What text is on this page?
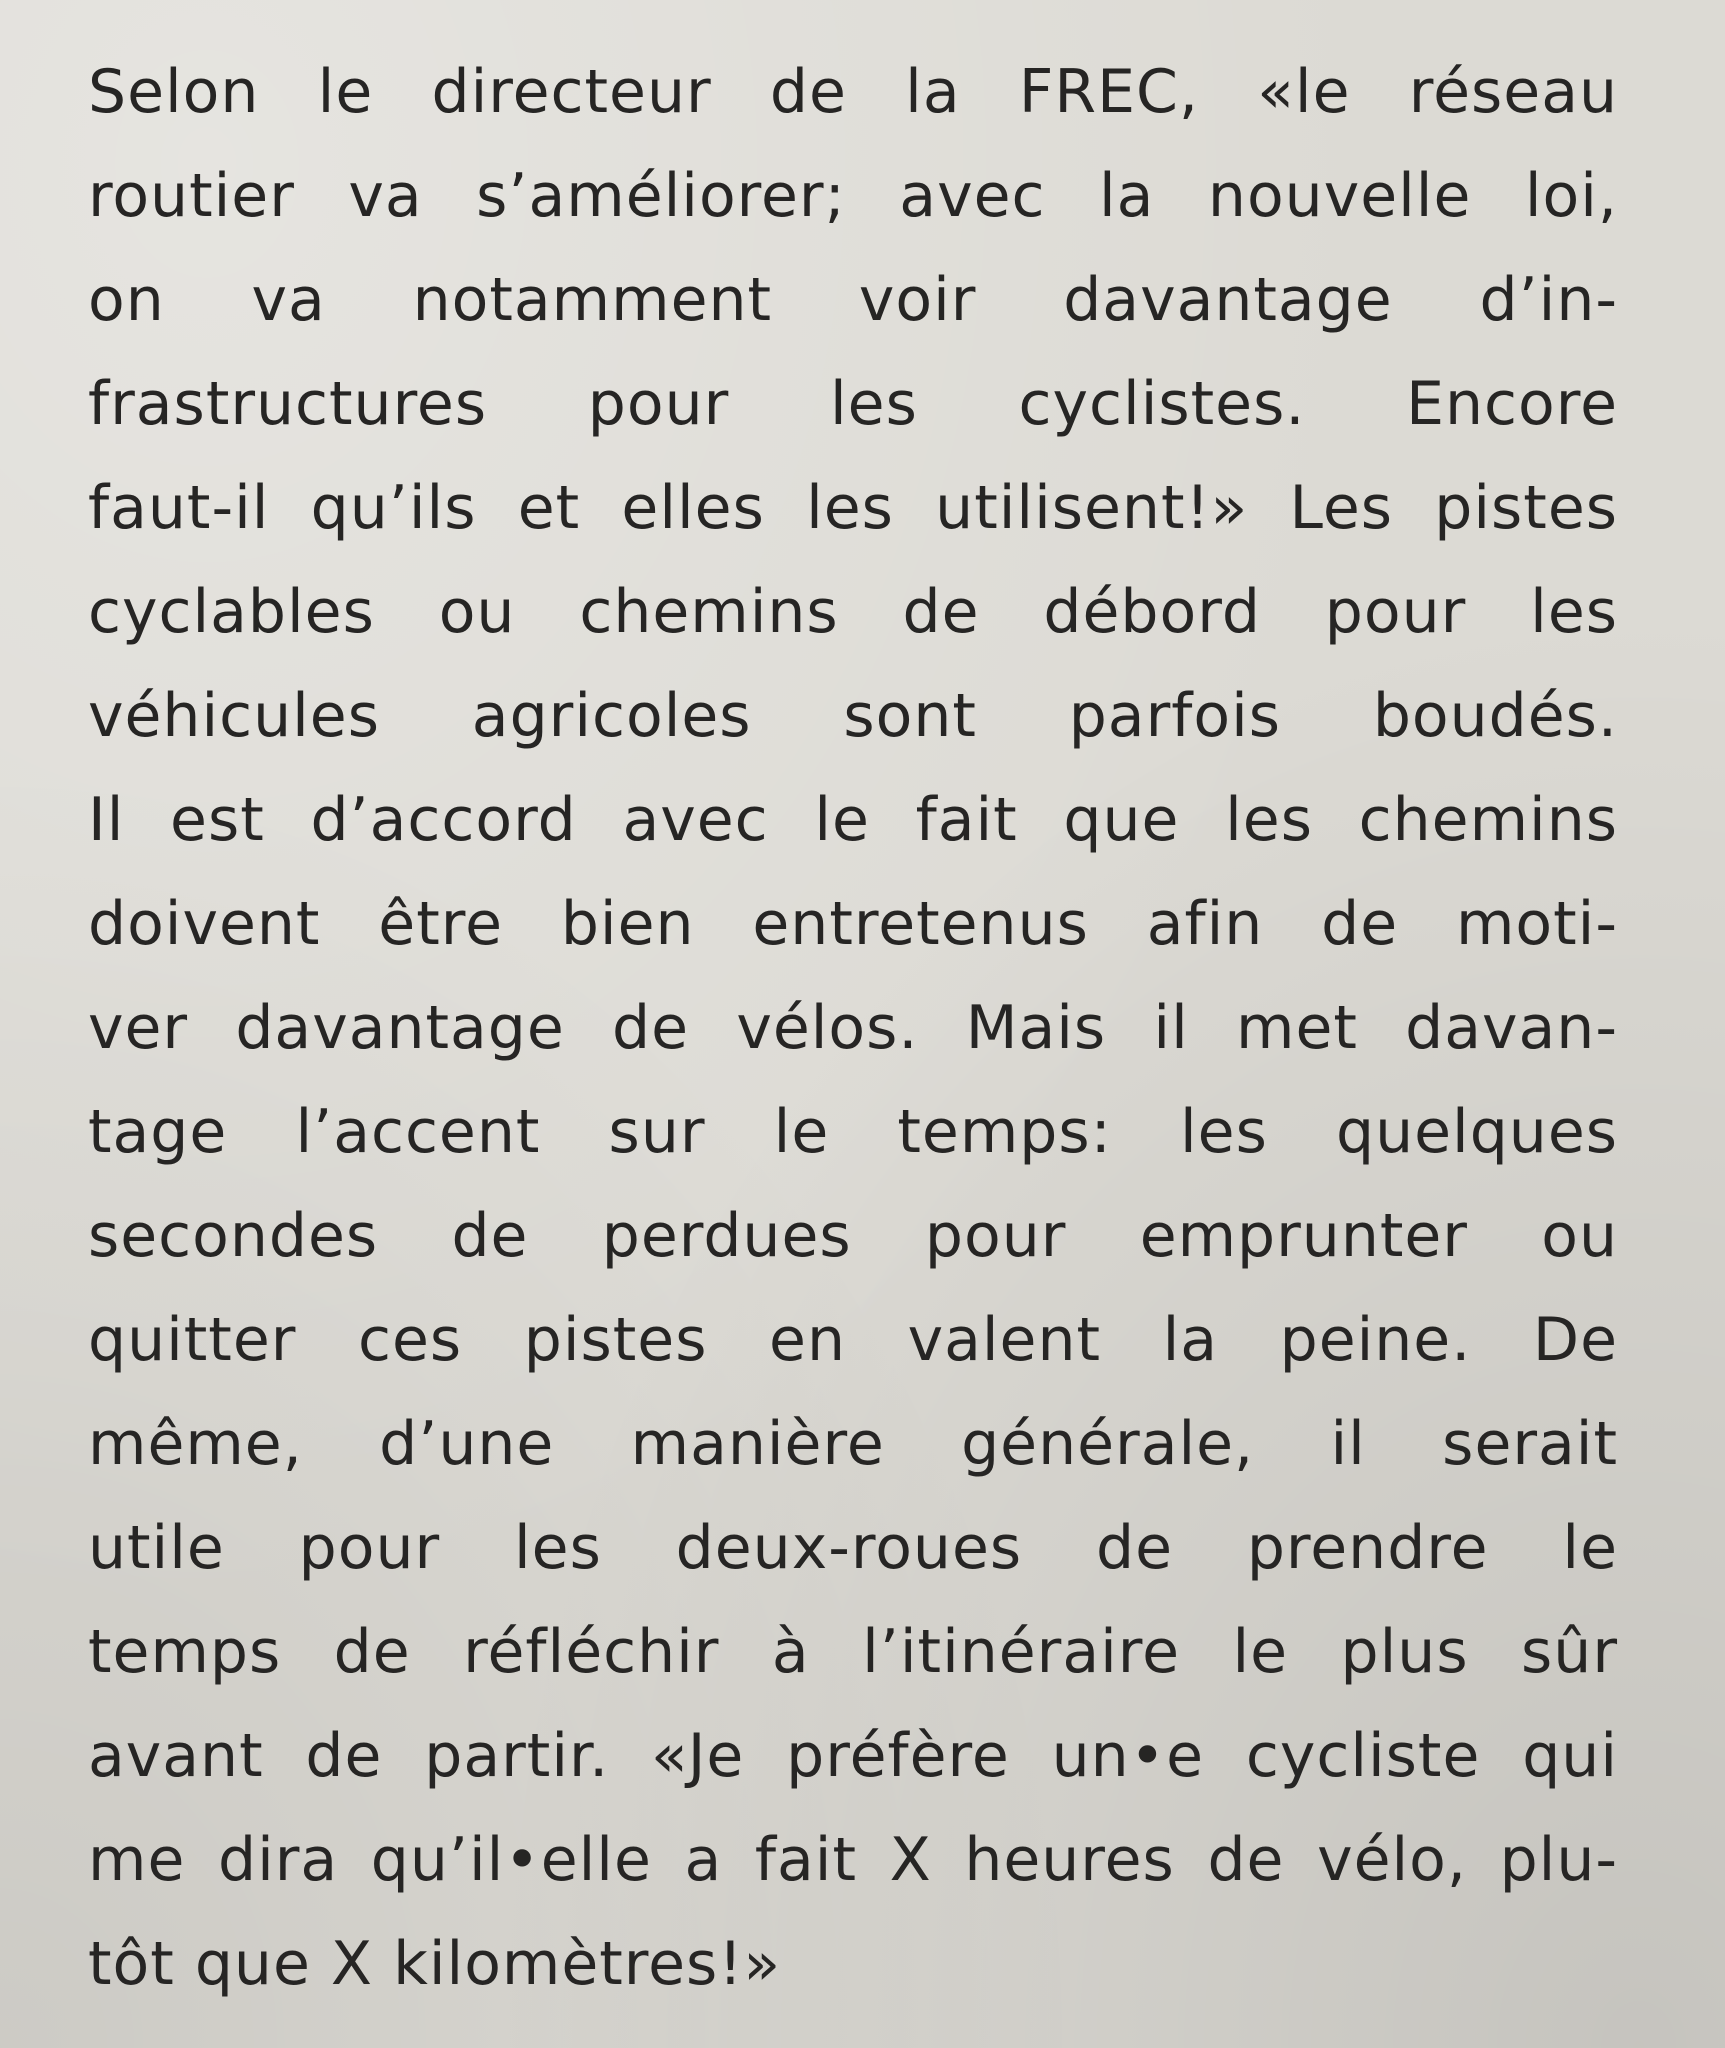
Selon le directeur de la FREC, «le réseau
routier va s’améliorer; avec la nouvelle loi,
on va notamment voir davantage d’in-
frastructures pour les cyclistes. Encore
faut-il qu’ils et elles les utilisent!» Les pistes
cyclables ou chemins de débord pour les
véhicules agricoles sont parfois boudés.
Il est d’accord avec le fait que les chemins
doivent être bien entretenus afin de moti-
ver davantage de vélos. Mais il met davan-
tage l’accent sur le temps: les quelques
secondes de perdues pour emprunter ou
quitter ces pistes en valent la peine. De
même, d’une manière générale, il serait
utile pour les deux-roues de prendre le
temps de réfléchir à l’itinéraire le plus sûr
avant de partir. «Je préfère un•e cycliste qui
me dira qu’il•elle a fait X heures de vélo, plu-
tôt que X kilomètres!»
